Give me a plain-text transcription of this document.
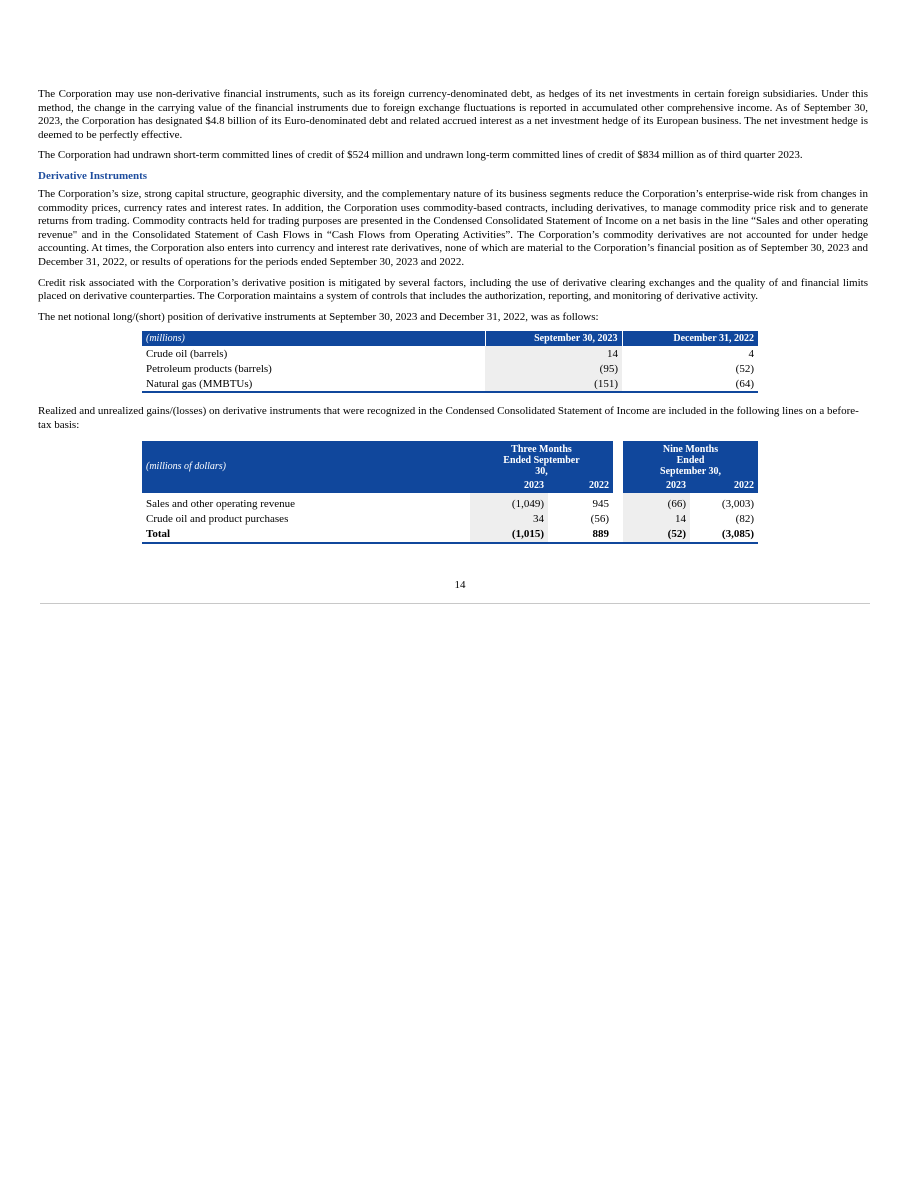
The Corporation may use non-derivative financial instruments, such as its foreign currency-denominated debt, as hedges of its net investments in certain foreign subsidiaries. Under this method, the change in the carrying value of the financial instruments due to foreign exchange fluctuations is reported in accumulated other comprehensive income. As of September 30, 2023, the Corporation has designated $4.8 billion of its Euro-denominated debt and related accrued interest as a net investment hedge of its European business. The net investment hedge is deemed to be perfectly effective.

The Corporation had undrawn short-term committed lines of credit of $524 million and undrawn long-term committed lines of credit of $834 million as of third quarter 2023.

Derivative Instruments

The Corporation’s size, strong capital structure, geographic diversity, and the complementary nature of its business segments reduce the Corporation’s enterprise-wide risk from changes in commodity prices, currency rates and interest rates. In addition, the Corporation uses commodity-based contracts, including derivatives, to manage commodity price risk and to generate returns from trading. Commodity contracts held for trading purposes are presented in the Condensed Consolidated Statement of Income on a net basis in the line “Sales and other operating revenue" and in the Consolidated Statement of Cash Flows in “Cash Flows from Operating Activities”. The Corporation’s commodity derivatives are not accounted for under hedge accounting. At times, the Corporation also enters into currency and interest rate derivatives, none of which are material to the Corporation’s financial position as of September 30, 2023 and December 31, 2022, or results of operations for the periods ended September 30, 2023 and 2022.

Credit risk associated with the Corporation’s derivative position is mitigated by several factors, including the use of derivative clearing exchanges and the quality of and financial limits placed on derivative counterparties. The Corporation maintains a system of controls that includes the authorization, reporting, and monitoring of derivative activity.

The net notional long/(short) position of derivative instruments at September 30, 2023 and December 31, 2022, was as follows:

(millions)	September 30, 2023	December 31, 2022
Crude oil (barrels)	14	4
Petroleum products (barrels)	(95)	(52)
Natural gas (MMBTUs)	(151)	(64)

Realized and unrealized gains/(losses) on derivative instruments that were recognized in the Condensed Consolidated Statement of Income are included in the following lines on a before-tax basis:

(millions of dollars)	Three Months Ended September 30,			Nine Months Ended September 30,	
	2023	2022		2023	2022
Sales and other operating revenue	(1,049)	945		(66)	(3,003)
Crude oil and product purchases	34	(56)		14	(82)
Total	(1,015)	889		(52)	(3,085)
14
